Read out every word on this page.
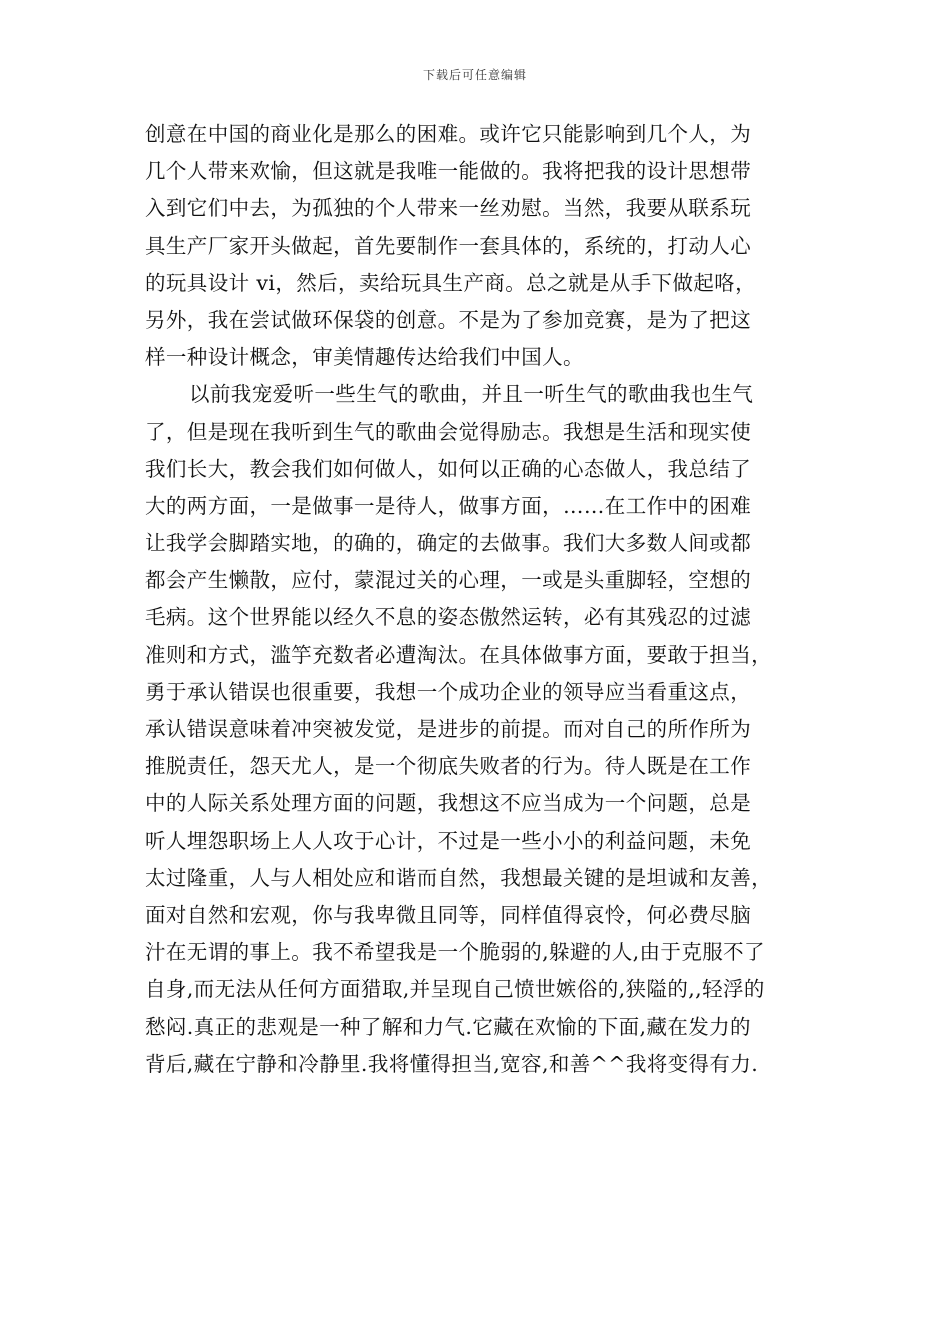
下载后可任意编辑
创意在中国的商业化是那么的困难。或许它只能影响到几个人，为
几个人带来欢愉，但这就是我唯一能做的。我将把我的设计思想带
入到它们中去，为孤独的个人带来一丝劝慰。当然，我要从联系玩
具生产厂家开头做起，首先要制作一套具体的，系统的，打动人心
的玩具设计 vi，然后，卖给玩具生产商。总之就是从手下做起咯，
另外，我在尝试做环保袋的创意。不是为了参加竞赛，是为了把这
样一种设计概念，审美情趣传达给我们中国人。
以前我宠爱听一些生气的歌曲，并且一听生气的歌曲我也生气
了，但是现在我听到生气的歌曲会觉得励志。我想是生活和现实使
我们长大，教会我们如何做人，如何以正确的心态做人，我总结了
大的两方面，一是做事一是待人，做事方面，……在工作中的困难
让我学会脚踏实地，的确的，确定的去做事。我们大多数人间或都
都会产生懒散，应付，蒙混过关的心理，一或是头重脚轻，空想的
毛病。这个世界能以经久不息的姿态傲然运转，必有其残忍的过滤
准则和方式，滥竽充数者必遭淘汰。在具体做事方面，要敢于担当，
勇于承认错误也很重要，我想一个成功企业的领导应当看重这点，
承认错误意味着冲突被发觉，是进步的前提。而对自己的所作所为
推脱责任，怨天尤人，是一个彻底失败者的行为。待人既是在工作
中的人际关系处理方面的问题，我想这不应当成为一个问题，总是
听人埋怨职场上人人攻于心计，不过是一些小小的利益问题，未免
太过隆重，人与人相处应和谐而自然，我想最关键的是坦诚和友善，
面对自然和宏观，你与我卑微且同等，同样值得哀怜，何必费尽脑
汁在无谓的事上。我不希望我是一个脆弱的,躲避的人,由于克服不了
自身,而无法从任何方面猎取,并呈现自己愤世嫉俗的,狭隘的,,轻浮的
愁闷.真正的悲观是一种了解和力气.它藏在欢愉的下面,藏在发力的
背后,藏在宁静和冷静里.我将懂得担当,宽容,和善^^我将变得有力.
